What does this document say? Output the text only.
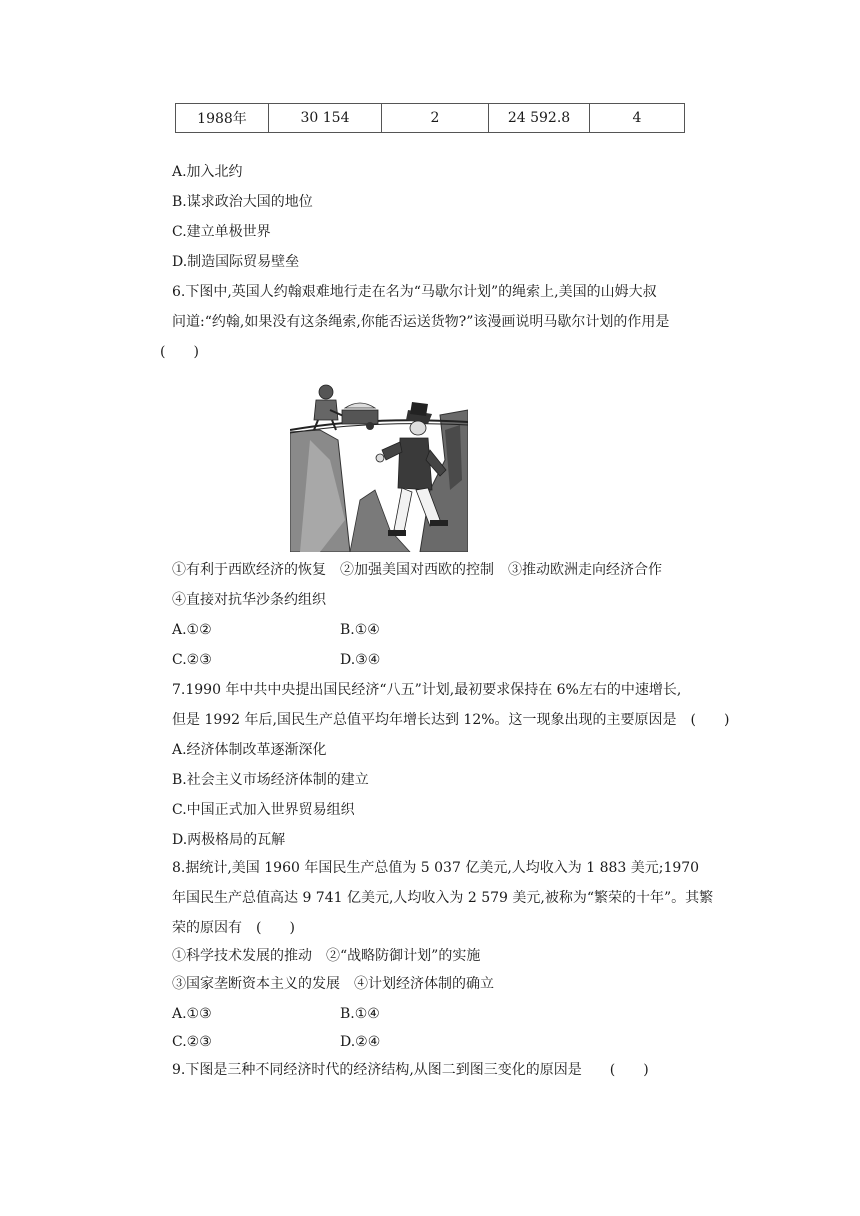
1988年	30 154	2	24 592.8	4
A.加入北约
B.谋求政治大国的地位
C.建立单极世界
D.制造国际贸易壁垒
6.下图中,英国人约翰艰难地行走在名为“马歇尔计划”的绳索上,美国的山姆大叔
问道:“约翰,如果没有这条绳索,你能否运送货物?”该漫画说明马歇尔计划的作用是
(　　)
①有利于西欧经济的恢复　②加强美国对西欧的控制　③推动欧洲走向经济合作
④直接对抗华沙条约组织
A.①②	B.①④
C.②③	D.③④
7.1990 年中共中央提出国民经济“八五”计划,最初要求保持在 6%左右的中速增长,
但是 1992 年后,国民生产总值平均年增长达到 12%。这一现象出现的主要原因是　(　　)
A.经济体制改革逐渐深化
B.社会主义市场经济体制的建立
C.中国正式加入世界贸易组织
D.两极格局的瓦解
8.据统计,美国 1960 年国民生产总值为 5 037 亿美元,人均收入为 1 883 美元;1970
年国民生产总值高达 9 741 亿美元,人均收入为 2 579 美元,被称为“繁荣的十年”。其繁
荣的原因有　(　　)
①科学技术发展的推动　②“战略防御计划”的实施
③国家垄断资本主义的发展　④计划经济体制的确立
A.①③	B.①④
C.②③	D.②④
9.下图是三种不同经济时代的经济结构,从图二到图三变化的原因是　　(　　)
